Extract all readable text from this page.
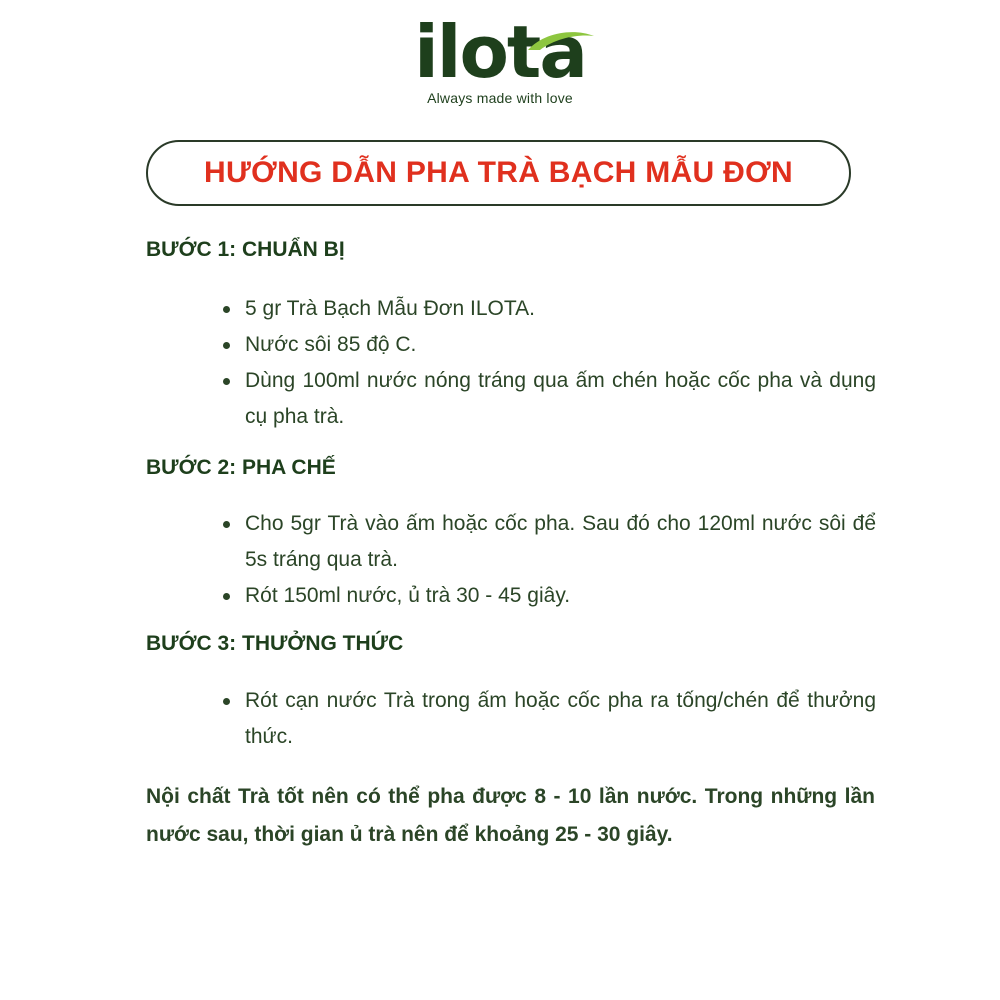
ilota
Always made with love
HƯỚNG DẪN PHA TRÀ BẠCH MẪU ĐƠN
BƯỚC 1: CHUẨN BỊ
5 gr Trà Bạch Mẫu Đơn ILOTA.
Nước sôi 85 độ C.
Dùng 100ml nước nóng tráng qua ấm chén hoặc cốc pha và dụng cụ pha trà.
BƯỚC 2: PHA CHẾ
Cho 5gr Trà vào ấm hoặc cốc pha. Sau đó cho 120ml nước sôi để 5s tráng qua trà.
Rót 150ml nước, ủ trà 30 - 45 giây.
BƯỚC 3: THƯỞNG THỨC
Rót cạn nước Trà trong ấm hoặc cốc pha ra tống/chén để thưởng thức.
Nội chất Trà tốt nên có thể pha được 8 - 10 lần nước. Trong những lần nước sau, thời gian ủ trà nên để khoảng 25 - 30 giây.
